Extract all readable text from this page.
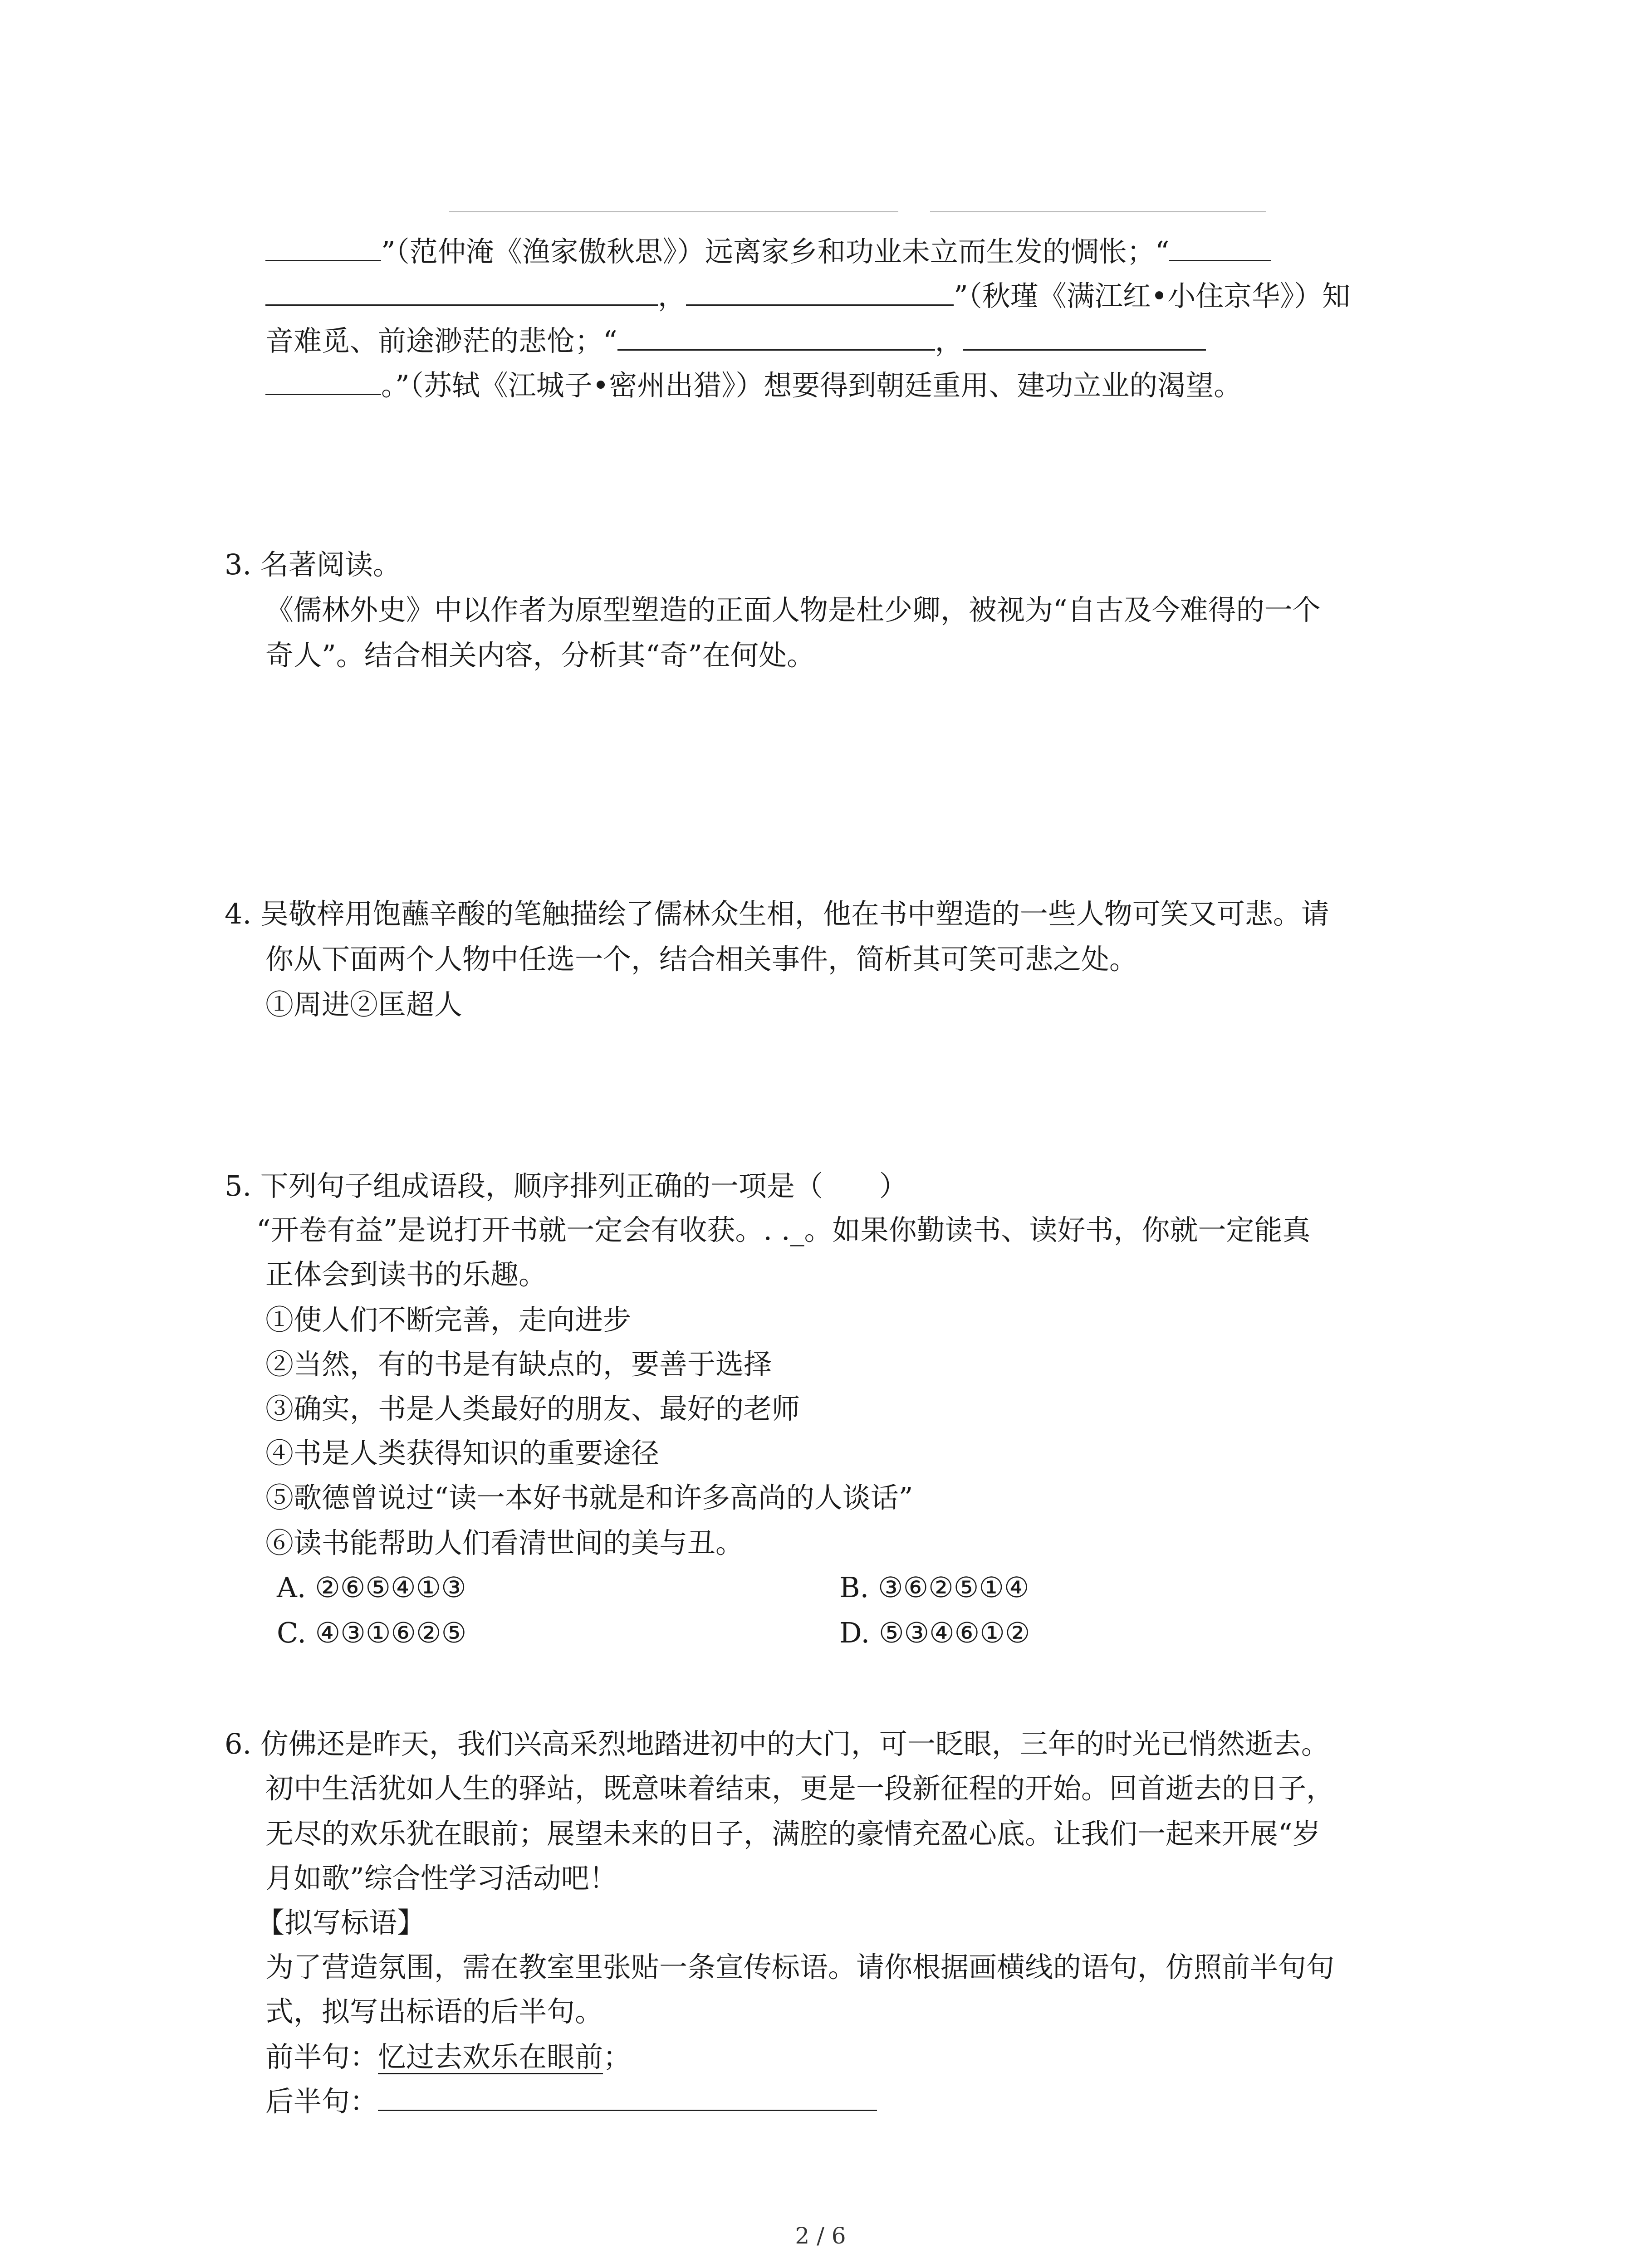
”（范仲淹《渔家傲秋思》）远离家乡和功业未立而生发的惆怅；“
，	”（秋瑾《满江红•小住京华》）知
音难觅、前途渺茫的悲怆；“	，
。”（苏轼《江城子•密州出猎》）想要得到朝廷重用、建功立业的渴望。
3. 名著阅读。
《儒林外史》中以作者为原型塑造的正面人物是杜少卿，被视为“自古及今难得的一个
奇人”。结合相关内容，分析其“奇”在何处。
4. 吴敬梓用饱蘸辛酸的笔触描绘了儒林众生相，他在书中塑造的一些人物可笑又可悲。请
你从下面两个人物中任选一个，结合相关事件，简析其可笑可悲之处。
①周进②匡超人
5. 下列句子组成语段，顺序排列正确的一项是（　　）
“开卷有益”是说打开书就一定会有收获。. ._。如果你勤读书、读好书，你就一定能真
正体会到读书的乐趣。
①使人们不断完善，走向进步
②当然，有的书是有缺点的，要善于选择
③确实，书是人类最好的朋友、最好的老师
④书是人类获得知识的重要途径
⑤歌德曾说过“读一本好书就是和许多高尚的人谈话”
⑥读书能帮助人们看清世间的美与丑。
A. ②⑥⑤④①③	B. ③⑥②⑤①④
C. ④③①⑥②⑤	D. ⑤③④⑥①②
6. 仿佛还是昨天，我们兴高采烈地踏进初中的大门，可一眨眼，三年的时光已悄然逝去。
初中生活犹如人生的驿站，既意味着结束，更是一段新征程的开始。回首逝去的日子，
无尽的欢乐犹在眼前；展望未来的日子，满腔的豪情充盈心底。让我们一起来开展“岁
月如歌”综合性学习活动吧！
【拟写标语】
为了营造氛围，需在教室里张贴一条宣传标语。请你根据画横线的语句，仿照前半句句
式，拟写出标语的后半句。
前半句：忆过去欢乐在眼前；
后半句：
2 / 6
